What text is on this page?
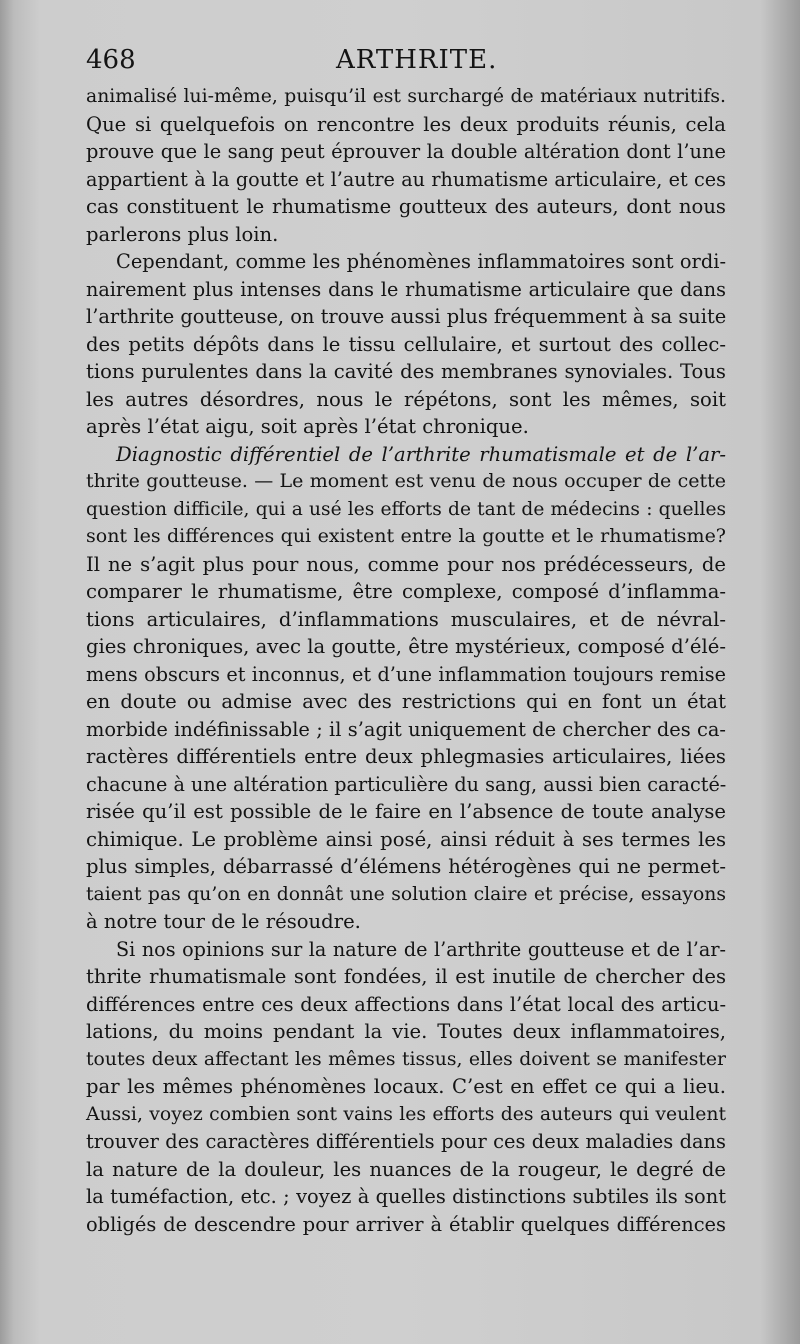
468	ARTHRITE.
animalisé lui-même, puisqu’il est surchargé de matériaux nutritifs.
Que si quelquefois on rencontre les deux produits réunis, cela
prouve que le sang peut éprouver la double altération dont l’une
appartient à la goutte et l’autre au rhumatisme articulaire, et ces
cas constituent le rhumatisme goutteux des auteurs, dont nous
parlerons plus loin.
Cependant, comme les phénomènes inflammatoires sont ordi-
nairement plus intenses dans le rhumatisme articulaire que dans
l’arthrite goutteuse, on trouve aussi plus fréquemment à sa suite
des petits dépôts dans le tissu cellulaire, et surtout des collec-
tions purulentes dans la cavité des membranes synoviales. Tous
les autres désordres, nous le répétons, sont les mêmes, soit
après l’état aigu, soit après l’état chronique.
Diagnostic différentiel de l’arthrite rhumatismale et de l’ar-
thrite goutteuse. — Le moment est venu de nous occuper de cette
question difficile, qui a usé les efforts de tant de médecins : quelles
sont les différences qui existent entre la goutte et le rhumatisme?
Il ne s’agit plus pour nous, comme pour nos prédécesseurs, de
comparer le rhumatisme, être complexe, composé d’inflamma-
tions articulaires, d’inflammations musculaires, et de névral-
gies chroniques, avec la goutte, être mystérieux, composé d’élé-
mens obscurs et inconnus, et d’une inflammation toujours remise
en doute ou admise avec des restrictions qui en font un état
morbide indéfinissable ; il s’agit uniquement de chercher des ca-
ractères différentiels entre deux phlegmasies articulaires, liées
chacune à une altération particulière du sang, aussi bien caracté-
risée qu’il est possible de le faire en l’absence de toute analyse
chimique. Le problème ainsi posé, ainsi réduit à ses termes les
plus simples, débarrassé d’élémens hétérogènes qui ne permet-
taient pas qu’on en donnât une solution claire et précise, essayons
à notre tour de le résoudre.
Si nos opinions sur la nature de l’arthrite goutteuse et de l’ar-
thrite rhumatismale sont fondées, il est inutile de chercher des
différences entre ces deux affections dans l’état local des articu-
lations, du moins pendant la vie. Toutes deux inflammatoires,
toutes deux affectant les mêmes tissus, elles doivent se manifester
par les mêmes phénomènes locaux. C’est en effet ce qui a lieu.
Aussi, voyez combien sont vains les efforts des auteurs qui veulent
trouver des caractères différentiels pour ces deux maladies dans
la nature de la douleur, les nuances de la rougeur, le degré de
la tuméfaction, etc. ; voyez à quelles distinctions subtiles ils sont
obligés de descendre pour arriver à établir quelques différences
